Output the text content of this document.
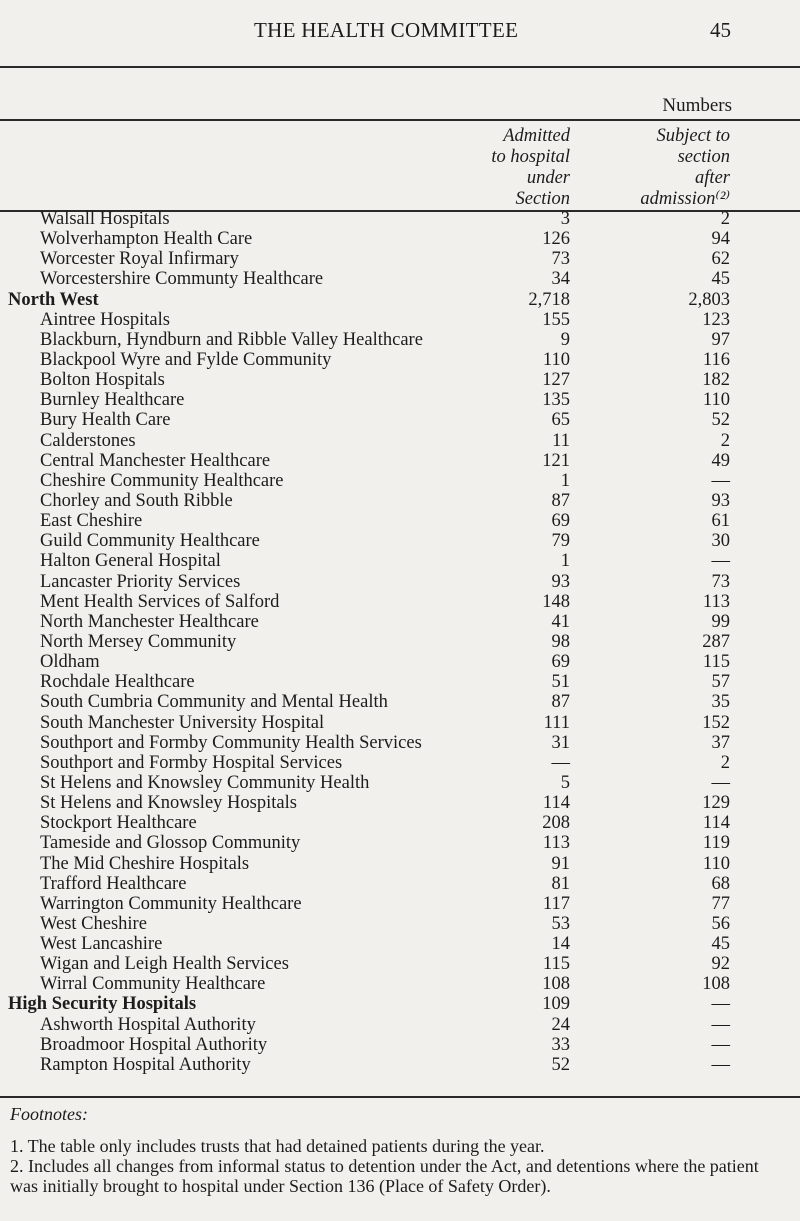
THE HEALTH COMMITTEE	45
Numbers
Admitted
to hospital
under
Section
Subject to
section
after
admission⁽²⁾
Walsall Hospitals	3	2
Wolverhampton Health Care	126	94
Worcester Royal Infirmary	73	62
Worcestershire Communty Healthcare	34	45
North West	2,718	2,803
Aintree Hospitals	155	123
Blackburn, Hyndburn and Ribble Valley Healthcare	9	97
Blackpool Wyre and Fylde Community	110	116
Bolton Hospitals	127	182
Burnley Healthcare	135	110
Bury Health Care	65	52
Calderstones	11	2
Central Manchester Healthcare	121	49
Cheshire Community Healthcare	1	—
Chorley and South Ribble	87	93
East Cheshire	69	61
Guild Community Healthcare	79	30
Halton General Hospital	1	—
Lancaster Priority Services	93	73
Ment Health Services of Salford	148	113
North Manchester Healthcare	41	99
North Mersey Community	98	287
Oldham	69	115
Rochdale Healthcare	51	57
South Cumbria Community and Mental Health	87	35
South Manchester University Hospital	111	152
Southport and Formby Community Health Services	31	37
Southport and Formby Hospital Services	—	2
St Helens and Knowsley Community Health	5	—
St Helens and Knowsley Hospitals	114	129
Stockport Healthcare	208	114
Tameside and Glossop Community	113	119
The Mid Cheshire Hospitals	91	110
Trafford Healthcare	81	68
Warrington Community Healthcare	117	77
West Cheshire	53	56
West Lancashire	14	45
Wigan and Leigh Health Services	115	92
Wirral Community Healthcare	108	108
High Security Hospitals	109	—
Ashworth Hospital Authority	24	—
Broadmoor Hospital Authority	33	—
Rampton Hospital Authority	52	—
Footnotes:
1. The table only includes trusts that had detained patients during the year.
2. Includes all changes from informal status to detention under the Act, and detentions where the patient was initially brought to hospital under Section 136 (Place of Safety Order).
